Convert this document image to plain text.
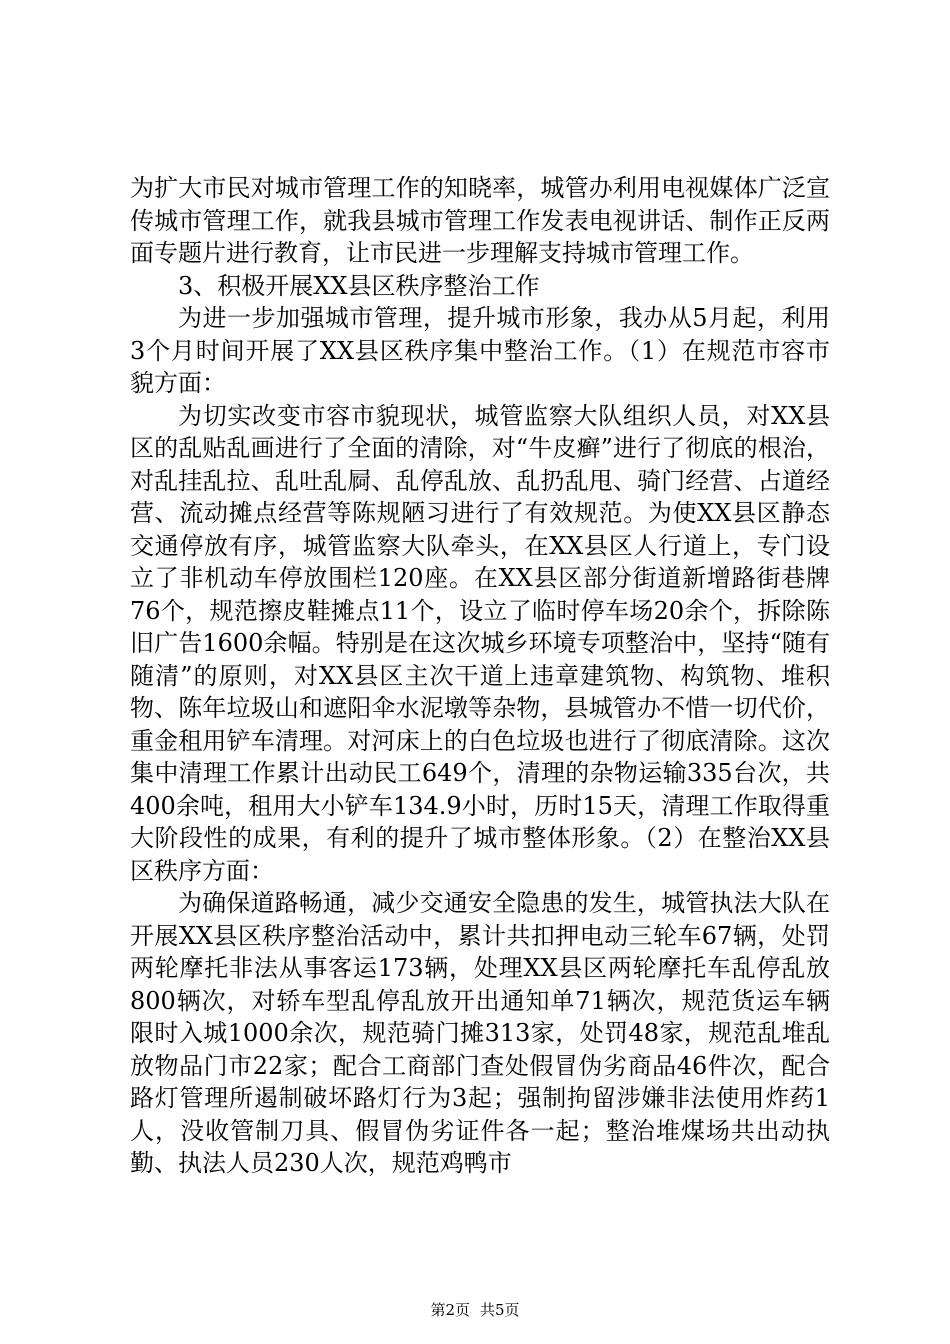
为扩大市民对城市管理工作的知晓率，城管办利用电视媒体广泛宣传城市管理工作，就我县城市管理工作发表电视讲话、制作正反两面专题片进行教育，让市民进一步理解支持城市管理工作。

3、积极开展XX县区秩序整治工作

为进一步加强城市管理，提升城市形象，我办从5月起，利用3个月时间开展了XX县区秩序集中整治工作。（1）在规范市容市貌方面：

为切实改变市容市貌现状，城管监察大队组织人员，对XX县区的乱贴乱画进行了全面的清除，对“牛皮癣”进行了彻底的根治，对乱挂乱拉、乱吐乱屙、乱停乱放、乱扔乱甩、骑门经营、占道经营、流动摊点经营等陈规陋习进行了有效规范。为使XX县区静态交通停放有序，城管监察大队牵头，在XX县区人行道上，专门设立了非机动车停放围栏120座。在XX县区部分街道新增路街巷牌76个，规范擦皮鞋摊点11个，设立了临时停车场20余个，拆除陈旧广告1600余幅。特别是在这次城乡环境专项整治中，坚持“随有随清”的原则，对XX县区主次干道上违章建筑物、构筑物、堆积物、陈年垃圾山和遮阳伞水泥墩等杂物，县城管办不惜一切代价，重金租用铲车清理。对河床上的白色垃圾也进行了彻底清除。这次集中清理工作累计出动民工649个，清理的杂物运输335台次，共400余吨，租用大小铲车134.9小时，历时15天，清理工作取得重大阶段性的成果，有利的提升了城市整体形象。（2）在整治XX县区秩序方面：

为确保道路畅通，减少交通安全隐患的发生，城管执法大队在开展XX县区秩序整治活动中，累计共扣押电动三轮车67辆，处罚两轮摩托非法从事客运173辆，处理XX县区两轮摩托车乱停乱放800辆次，对轿车型乱停乱放开出通知单71辆次，规范货运车辆限时入城1000余次，规范骑门摊313家，处罚48家，规范乱堆乱放物品门市22家；配合工商部门查处假冒伪劣商品46件次，配合路灯管理所遏制破坏路灯行为3起；强制拘留涉嫌非法使用炸药1人，没收管制刀具、假冒伪劣证件各一起；整治堆煤场共出动执勤、执法人员230人次，规范鸡鸭市

第2页 共5页
